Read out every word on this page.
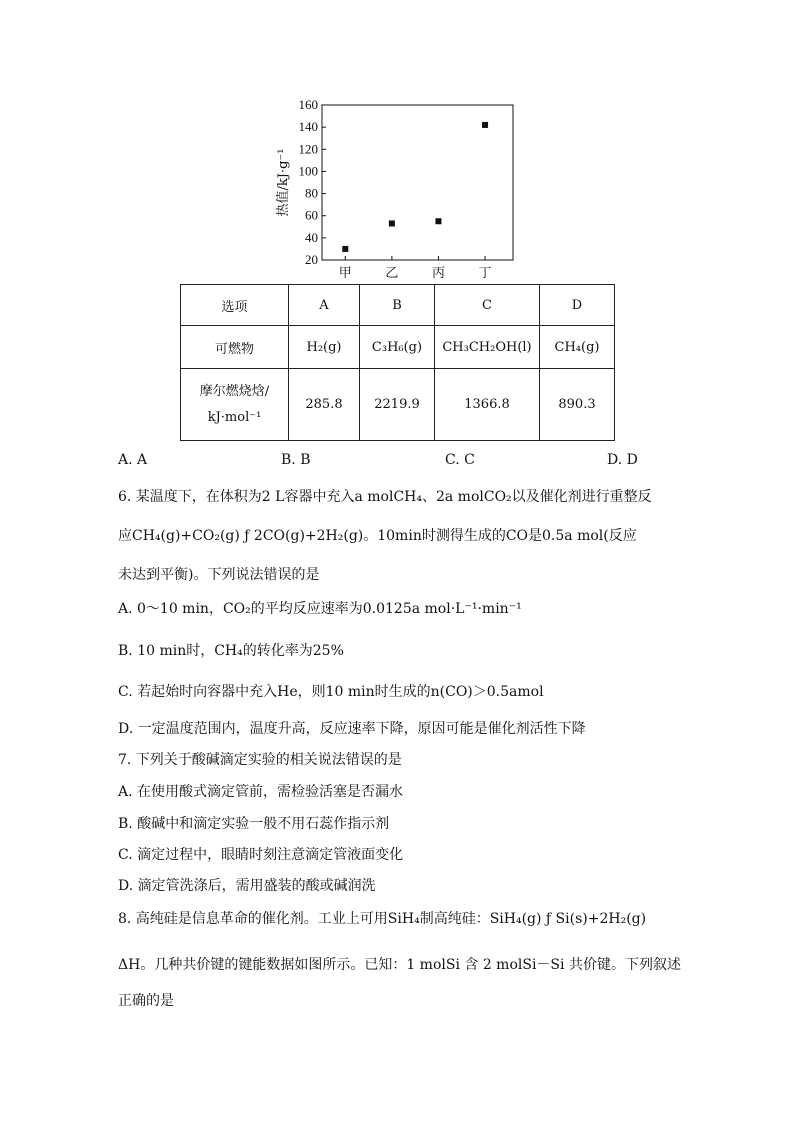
20
40
60
80
100
120
140
160
甲	乙	丙	丁
热值/kJ·g⁻¹
选项	A	B	C	D
可燃物	H₂(g)	C₃H₆(g)	CH₃CH₂OH(l)	CH₄(g)

摩尔燃烧焓/
kJ·mol⁻¹	285.8	2219.9	1366.8	890.3
A. A	B. B	C. C	D. D
6. 某温度下，在体积为2 L容器中充入a molCH₄、2a molCO₂以及催化剂进行重整反
应CH₄(g)+CO₂(g) ƒ 2CO(g)+2H₂(g)。10min时测得生成的CO是0.5a mol(反应
未达到平衡)。下列说法错误的是
A. 0～10 min，CO₂的平均反应速率为0.0125a mol·L⁻¹·min⁻¹
B. 10 min时，CH₄的转化率为25%
C. 若起始时向容器中充入He，则10 min时生成的n(CO)＞0.5amol
D. 一定温度范围内，温度升高，反应速率下降，原因可能是催化剂活性下降
7. 下列关于酸碱滴定实验的相关说法错误的是
A. 在使用酸式滴定管前，需检验活塞是否漏水
B. 酸碱中和滴定实验一般不用石蕊作指示剂
C. 滴定过程中，眼睛时刻注意滴定管液面变化
D. 滴定管洗涤后，需用盛装的酸或碱润洗
8. 高纯硅是信息革命的催化剂。工业上可用SiH₄制高纯硅：SiH₄(g) ƒ Si(s)+2H₂(g)
ΔH。几种共价键的键能数据如图所示。已知：1 molSi 含 2 molSi－Si 共价键。下列叙述
正确的是
